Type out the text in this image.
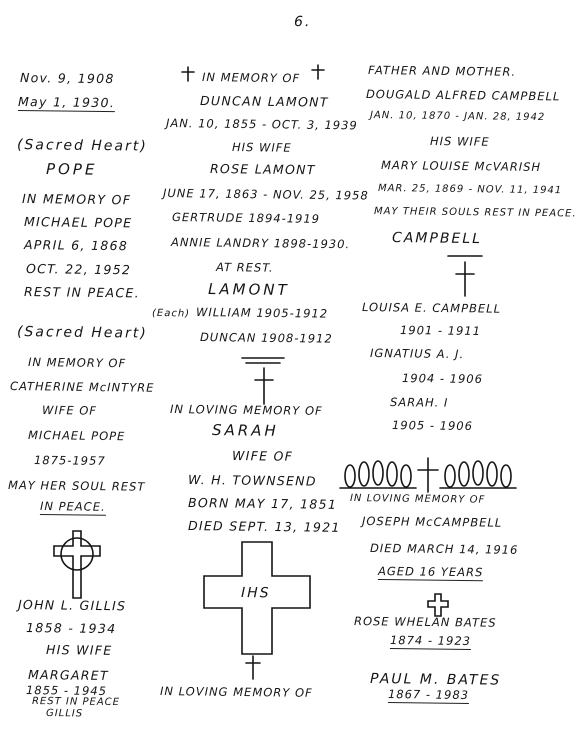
6.
Nov. 9, 1908
May 1, 1930.
(Sacred Heart)
POPE
IN MEMORY OF
MICHAEL POPE
APRIL 6, 1868
OCT. 22, 1952
REST IN PEACE.
(Sacred Heart)
IN MEMORY OF
CATHERINE McINTYRE
WIFE OF
MICHAEL POPE
1875-1957
MAY HER SOUL REST
IN PEACE.
JOHN L. GILLIS
1858 - 1934
HIS WIFE
MARGARET
1855 - 1945
REST IN PEACE
GILLIS
IN MEMORY OF
DUNCAN LAMONT
JAN. 10, 1855 - OCT. 3, 1939
HIS WIFE
ROSE LAMONT
JUNE 17, 1863 - NOV. 25, 1958
GERTRUDE 1894-1919
ANNIE LANDRY 1898-1930.
AT REST.
LAMONT
(Each) WILLIAM 1905-1912
DUNCAN 1908-1912
IN LOVING MEMORY OF
SARAH
WIFE OF
W. H. TOWNSEND
BORN MAY 17, 1851
DIED SEPT. 13, 1921
IHS
IN LOVING MEMORY OF
FATHER AND MOTHER.
DOUGALD ALFRED CAMPBELL
JAN. 10, 1870 - JAN. 28, 1942
HIS WIFE
MARY LOUISE McVARISH
MAR. 25, 1869 - NOV. 11, 1941
MAY THEIR SOULS REST IN PEACE.
CAMPBELL
LOUISA E. CAMPBELL
1901 - 1911
IGNATIUS A. J.
1904 - 1906
SARAH. I
1905 - 1906
IN LOVING MEMORY OF
JOSEPH McCAMPBELL
DIED MARCH 14, 1916
AGED 16 YEARS
ROSE WHELAN BATES
1874 - 1923
PAUL M. BATES
1867 - 1983
